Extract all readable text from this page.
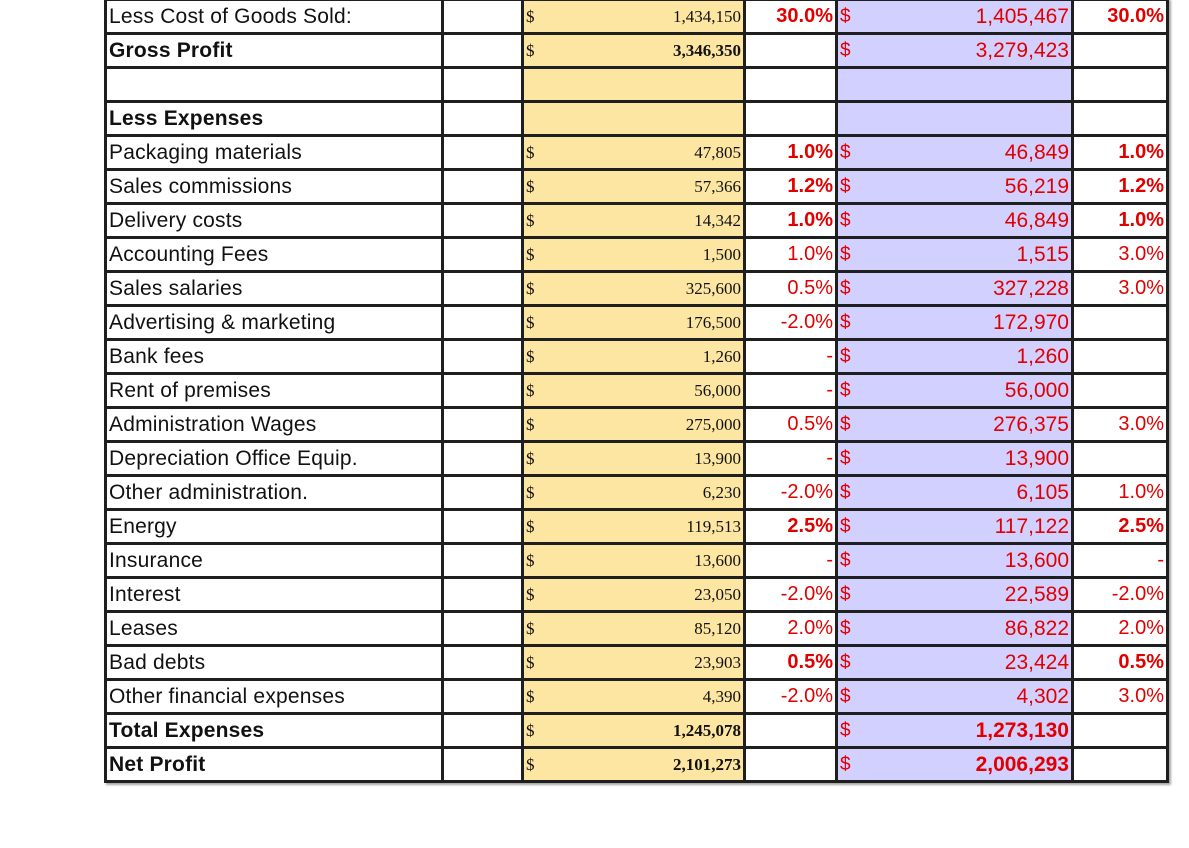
Less Cost of Goods Sold:		$	1,434,150	30.0%	$	1,405,467	30.0%
Gross Profit		$	3,346,350		$	3,279,423	

Less Expenses							
Packaging materials		$	47,805	1.0%	$	46,849	1.0%
Sales commissions		$	57,366	1.2%	$	56,219	1.2%
Delivery costs		$	14,342	1.0%	$	46,849	1.0%
Accounting Fees		$	1,500	1.0%	$	1,515	3.0%
Sales salaries		$	325,600	0.5%	$	327,228	3.0%
Advertising & marketing		$	176,500	-2.0%	$	172,970	
Bank fees		$	1,260	-	$	1,260	
Rent of premises		$	56,000	-	$	56,000	
Administration Wages		$	275,000	0.5%	$	276,375	3.0%
Depreciation Office Equip.		$	13,900	-	$	13,900	
Other administration.		$	6,230	-2.0%	$	6,105	1.0%
Energy		$	119,513	2.5%	$	117,122	2.5%
Insurance		$	13,600	-	$	13,600	-
Interest		$	23,050	-2.0%	$	22,589	-2.0%
Leases		$	85,120	2.0%	$	86,822	2.0%
Bad debts		$	23,903	0.5%	$	23,424	0.5%
Other financial expenses		$	4,390	-2.0%	$	4,302	3.0%
Total Expenses		$	1,245,078		$	1,273,130	
Net Profit		$	2,101,273		$	2,006,293	
